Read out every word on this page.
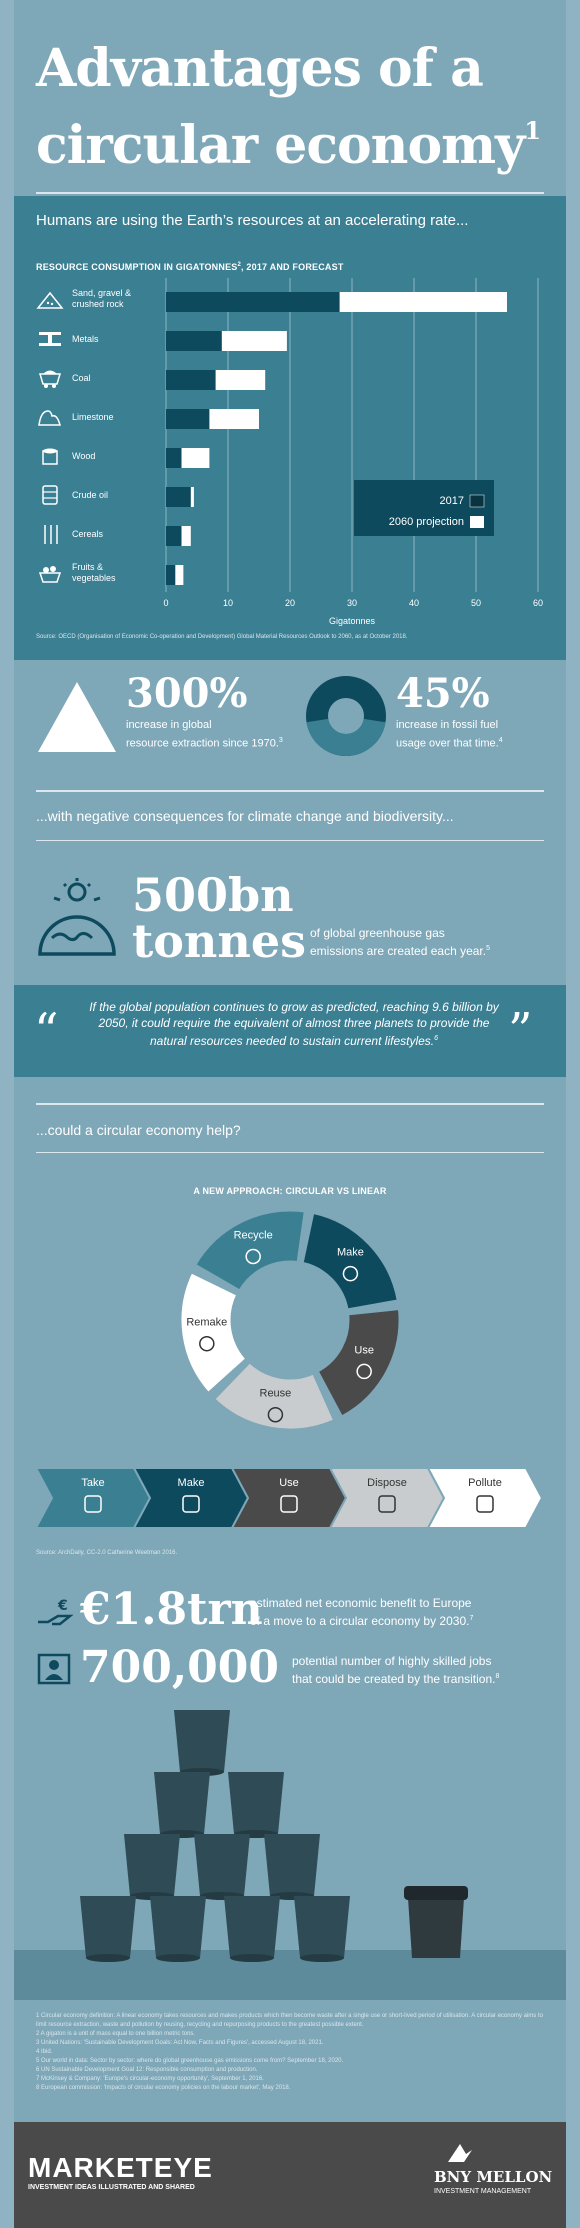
Advantages of a
circular economy$^1$
Humans are using the Earth’s resources at an accelerating rate...
RESOURCE CONSUMPTION IN GIGATONNES$^2$, 2017 AND FORECAST
Sand, gravel & crushed rock
Metals
Coal
Limestone
Wood
Crude oil
Cereals
Fruits & vegetables
0	10	20	30	40	50	60
Gigatonnes
2017
2060 projection
Source: OECD (Organisation of Economic Co-operation and Development) Global Material Resources Outlook to 2060, as at October 2018.
300%
increase in global
resource extraction since 1970.$^3$
45%
increase in fossil fuel
usage over that time.$^4$
...with negative consequences for climate change and biodiversity...
500bn
tonnes of global greenhouse gas
emissions are created each year.$^5$
“	If the global population continues to grow as predicted, reaching 9.6 billion by 2050, it could require the equivalent of almost three planets to provide the natural resources needed to sustain current lifestyles.$^6$	”
...could a circular economy help?
A NEW APPROACH: CIRCULAR VS LINEAR
Recycle
Make
Use
Reuse
Remake
Take	Make	Use	Dispose	Pollute
Source: ArchDaily, CC-2.0 Catherine Weetman 2016.
€ €1.8trn
estimated net economic benefit to Europe
of a move to a circular economy by 2030.$^7$
700,000 potential number of highly skilled jobs
that could be created by the transition.$^8$
1 Circular economy definition: A linear economy takes resources and makes products which then become waste after a single use or short-lived period of utilisation. A circular economy aims to limit resource extraction, waste and pollution by reusing, recycling and repurposing products to the greatest possible extent.
2 A gigaton is a unit of mass equal to one billion metric tons.
3 United Nations: 'Sustainable Development Goals: Act Now, Facts and Figures', accessed August 18, 2021.
4 Ibid.
5 Our world in data: Sector by sector: where do global greenhouse gas emissions come from? September 18, 2020.
6 UN Sustainable Development Goal 12: Responsible consumption and production.
7 McKinsey & Company: 'Europe's circular-economy opportunity', September 1, 2016.
8 European commission: 'Impacts of circular economy policies on the labour market', May 2018.
MARKETEYE
INVESTMENT IDEAS ILLUSTRATED AND SHARED
BNY MELLON
INVESTMENT MANAGEMENT
